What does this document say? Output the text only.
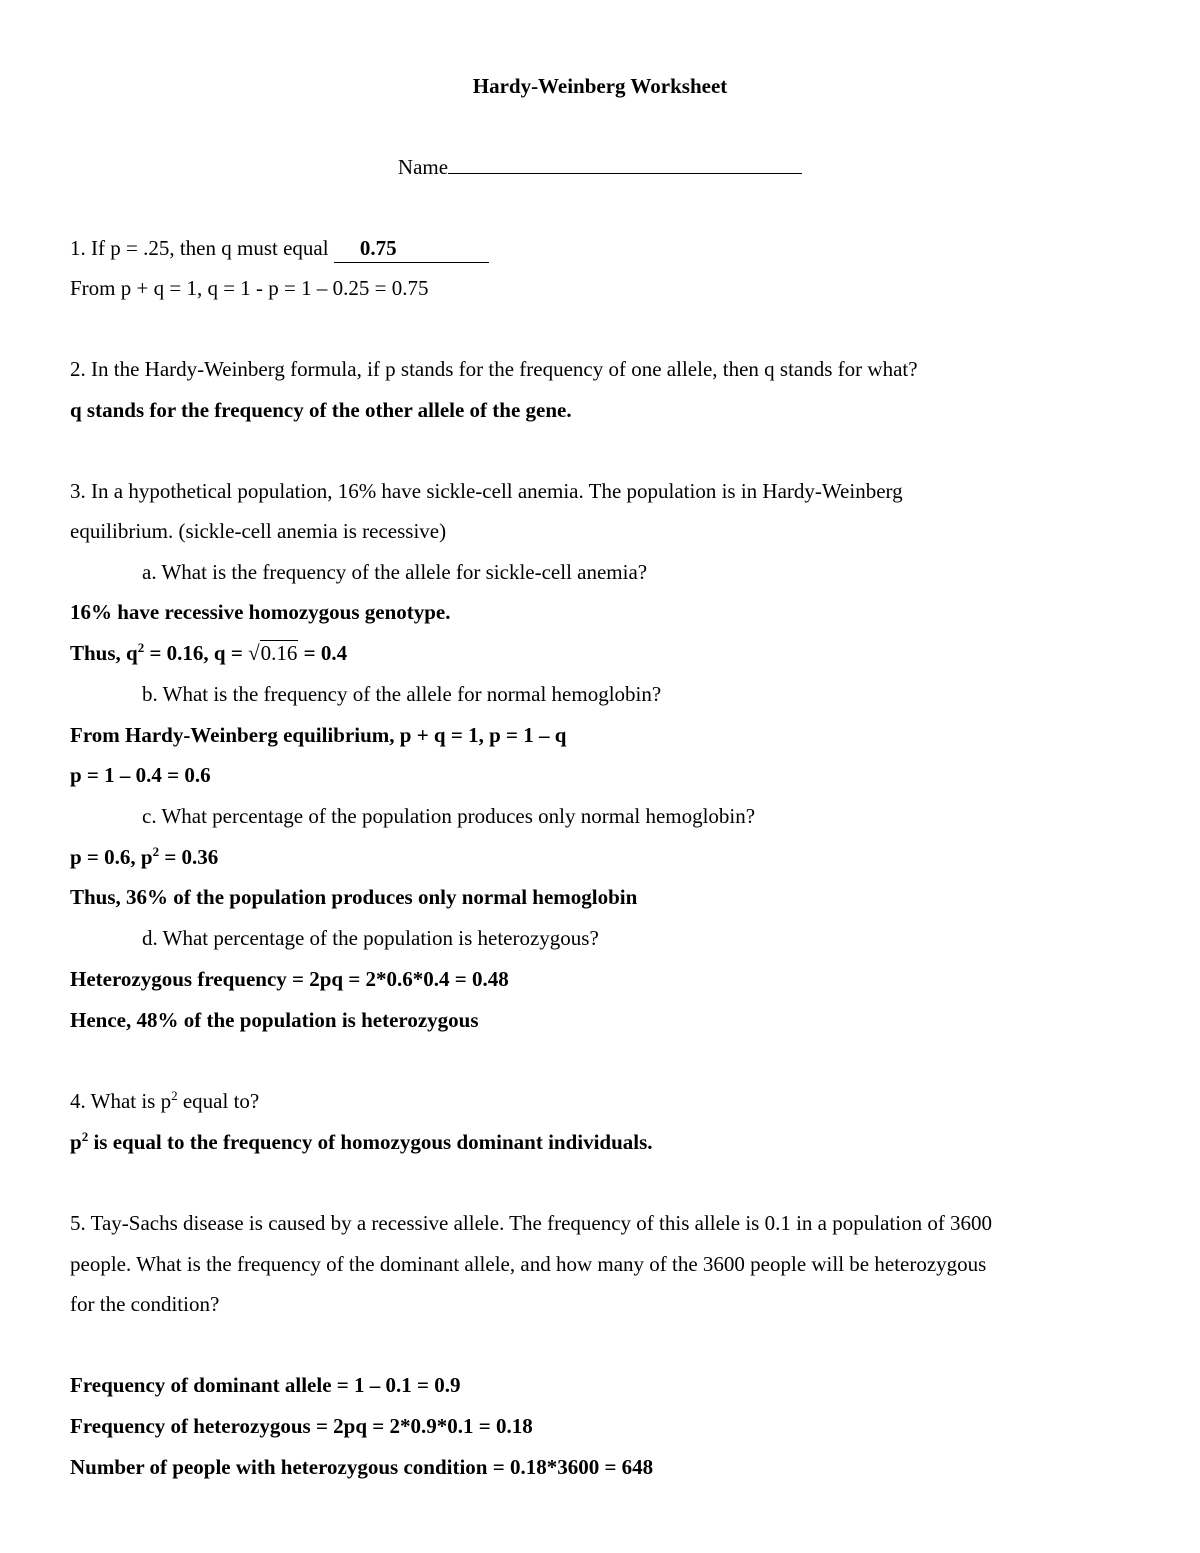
Hardy-Weinberg Worksheet
Name
1. If p = .25, then q must equal 0.75
From p + q = 1, q = 1 - p = 1 – 0.25 = 0.75
2. In the Hardy-Weinberg formula, if p stands for the frequency of one allele, then q stands for what?
q stands for the frequency of the other allele of the gene.
3. In a hypothetical population, 16% have sickle-cell anemia. The population is in Hardy-Weinberg
equilibrium. (sickle-cell anemia is recessive)
a. What is the frequency of the allele for sickle-cell anemia?
16% have recessive homozygous genotype.
Thus, $q^2 = 0.16$, q = √0.16 = 0.4
b. What is the frequency of the allele for normal hemoglobin?
From Hardy-Weinberg equilibrium, p + q = 1, p = 1 – q
p = 1 – 0.4 = 0.6
c. What percentage of the population produces only normal hemoglobin?
p = 0.6, $p^2 = 0.36$
Thus, 36% of the population produces only normal hemoglobin
d. What percentage of the population is heterozygous?
Heterozygous frequency = 2pq = 2*0.6*0.4 = 0.48
Hence, 48% of the population is heterozygous
4. What is $p^2$ equal to?
$p^2$ is equal to the frequency of homozygous dominant individuals.
5. Tay-Sachs disease is caused by a recessive allele. The frequency of this allele is 0.1 in a population of 3600
people. What is the frequency of the dominant allele, and how many of the 3600 people will be heterozygous
for the condition?
Frequency of dominant allele = 1 – 0.1 = 0.9
Frequency of heterozygous = 2pq = 2*0.9*0.1 = 0.18
Number of people with heterozygous condition = 0.18*3600 = 648
